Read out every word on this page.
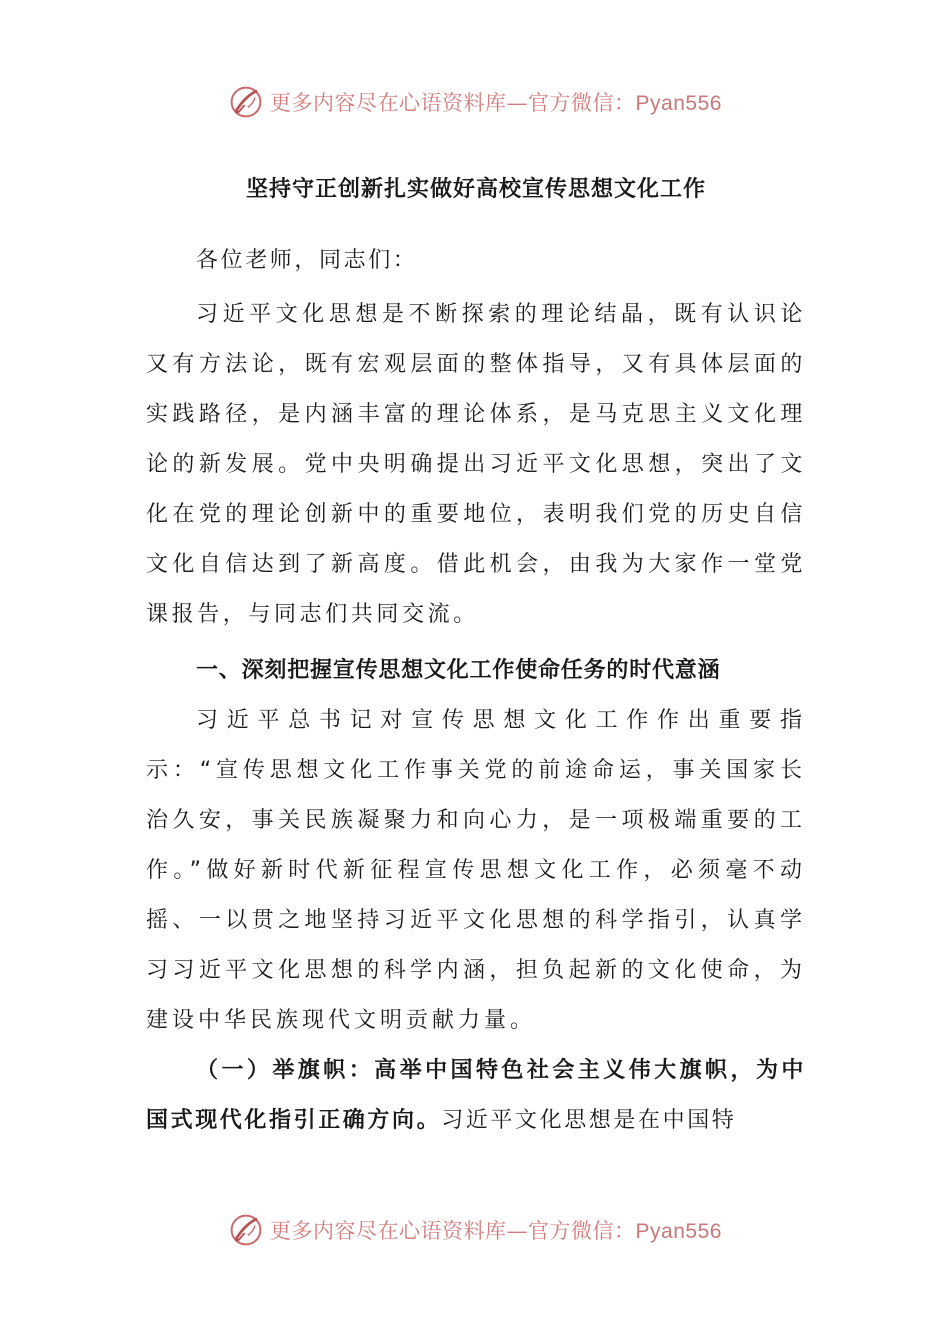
更多内容尽在心语资料库—官方微信：Pyan556
坚持守正创新扎实做好高校宣传思想文化工作

各位老师，同志们：

习近平文化思想是不断探索的理论结晶，既有认识论又有方法论，既有宏观层面的整体指导，又有具体层面的实践路径，是内涵丰富的理论体系，是马克思主义文化理论的新发展。党中央明确提出习近平文化思想，突出了文化在党的理论创新中的重要地位，表明我们党的历史自信文化自信达到了新高度。借此机会，由我为大家作一堂党课报告，与同志们共同交流。

一、深刻把握宣传思想文化工作使命任务的时代意涵

习近平总书记对宣传思想文化工作作出重要指示：“宣传思想文化工作事关党的前途命运，事关国家长治久安，事关民族凝聚力和向心力，是一项极端重要的工作。”做好新时代新征程宣传思想文化工作，必须毫不动摇、一以贯之地坚持习近平文化思想的科学指引，认真学习习近平文化思想的科学内涵，担负起新的文化使命，为建设中华民族现代文明贡献力量。

（一）举旗帜：高举中国特色社会主义伟大旗帜，为中国式现代化指引正确方向。习近平文化思想是在中国特

更多内容尽在心语资料库—官方微信：Pyan556
